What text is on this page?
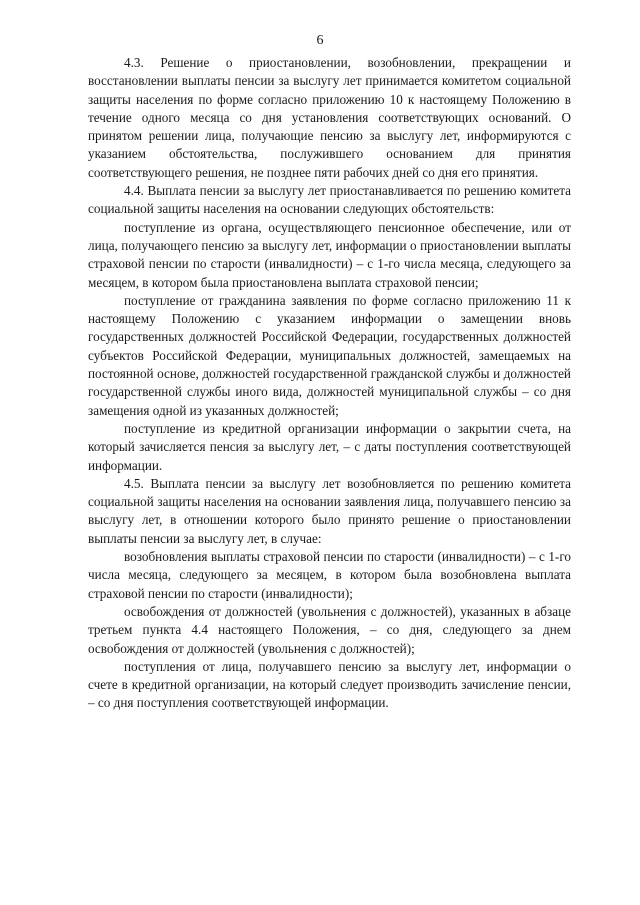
6

4.3. Решение о приостановлении, возобновлении, прекращении и восстановлении выплаты пенсии за выслугу лет принимается комитетом социальной защиты населения по форме согласно приложению 10 к настоящему Положению в течение одного месяца со дня установления соответствующих оснований. О принятом решении лица, получающие пенсию за выслугу лет, информируются с указанием обстоятельства, послужившего основанием для принятия соответствующего решения, не позднее пяти рабочих дней со дня его принятия.

4.4. Выплата пенсии за выслугу лет приостанавливается по решению комитета социальной защиты населения на основании следующих обстоятельств:

поступление из органа, осуществляющего пенсионное обеспечение, или от лица, получающего пенсию за выслугу лет, информации о приостановлении выплаты страховой пенсии по старости (инвалидности) – с 1-го числа месяца, следующего за месяцем, в котором была приостановлена выплата страховой пенсии;

поступление от гражданина заявления по форме согласно приложению 11 к настоящему Положению с указанием информации о замещении вновь государственных должностей Российской Федерации, государственных должностей субъектов Российской Федерации, муниципальных должностей, замещаемых на постоянной основе, должностей государственной гражданской службы и должностей государственной службы иного вида, должностей муниципальной службы – со дня замещения одной из указанных должностей;

поступление из кредитной организации информации о закрытии счета, на который зачисляется пенсия за выслугу лет, – с даты поступления соответствующей информации.

4.5. Выплата пенсии за выслугу лет возобновляется по решению комитета социальной защиты населения на основании заявления лица, получавшего пенсию за выслугу лет, в отношении которого было принято решение о приостановлении выплаты пенсии за выслугу лет, в случае:

возобновления выплаты страховой пенсии по старости (инвалидности) – с 1-го числа месяца, следующего за месяцем, в котором была возобновлена выплата страховой пенсии по старости (инвалидности);

освобождения от должностей (увольнения с должностей), указанных в абзаце третьем пункта 4.4 настоящего Положения, – со дня, следующего за днем освобождения от должностей (увольнения с должностей);

поступления от лица, получавшего пенсию за выслугу лет, информации о счете в кредитной организации, на который следует производить зачисление пенсии, – со дня поступления соответствующей информации.
